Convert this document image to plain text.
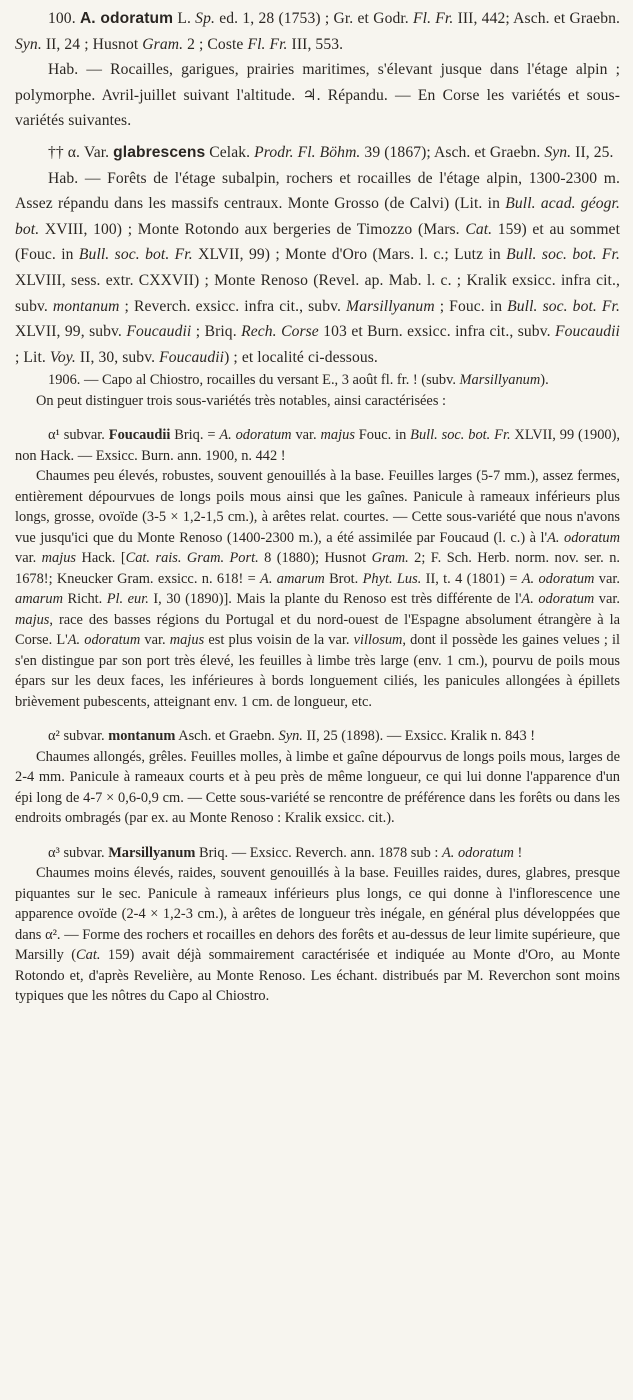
100. A. odoratum L. Sp. ed. 1, 28 (1753) ; Gr. et Godr. Fl. Fr. III, 442; Asch. et Graebn. Syn. II, 24 ; Husnot Gram. 2 ; Coste Fl. Fr. III, 553.

Hab. — Rocailles, garigues, prairies maritimes, s'élevant jusque dans l'étage alpin ; polymorphe. Avril-juillet suivant l'altitude. ♃. Répandu. — En Corse les variétés et sous-variétés suivantes.

†† α. Var. glabrescens Celak. Prodr. Fl. Böhm. 39 (1867); Asch. et Graebn. Syn. II, 25.

Hab. — Forêts de l'étage subalpin, rochers et rocailles de l'étage alpin, 1300-2300 m. Assez répandu dans les massifs centraux. Monte Grosso (de Calvi) (Lit. in Bull. acad. géogr. bot. XVIII, 100) ; Monte Rotondo aux bergeries de Timozzo (Mars. Cat. 159) et au sommet (Fouc. in Bull. soc. bot. Fr. XLVII, 99) ; Monte d'Oro (Mars. l. c.; Lutz in Bull. soc. bot. Fr. XLVIII, sess. extr. CXXVII) ; Monte Renoso (Revel. ap. Mab. l. c. ; Kralik exsicc. infra cit., subv. montanum ; Reverch. exsicc. infra cit., subv. Marsillyanum ; Fouc. in Bull. soc. bot. Fr. XLVII, 99, subv. Foucaudii ; Briq. Rech. Corse 103 et Burn. exsicc. infra cit., subv. Foucaudii ; Lit. Voy. II, 30, subv. Foucaudii) ; et localité ci-dessous.

1906. — Capo al Chiostro, rocailles du versant E., 3 août fl. fr. ! (subv. Marsillyanum).

On peut distinguer trois sous-variétés très notables, ainsi caractérisées :

α¹ subvar. Foucaudii Briq. = A. odoratum var. majus Fouc. in Bull. soc. bot. Fr. XLVII, 99 (1900), non Hack. — Exsicc. Burn. ann. 1900, n. 442 !

Chaumes peu élevés, robustes, souvent genouillés à la base. Feuilles larges (5-7 mm.), assez fermes, entièrement dépourvues de longs poils mous ainsi que les gaînes. Panicule à rameaux inférieurs plus longs, grosse, ovoïde (3-5 × 1,2-1,5 cm.), à arêtes relat. courtes. — Cette sous-variété que nous n'avons vue jusqu'ici que du Monte Renoso (1400-2300 m.), a été assimilée par Foucaud (l. c.) à l'A. odoratum var. majus Hack. [Cat. rais. Gram. Port. 8 (1880); Husnot Gram. 2; F. Sch. Herb. norm. nov. ser. n. 1678!; Kneucker Gram. exsicc. n. 618! = A. amarum Brot. Phyt. Lus. II, t. 4 (1801) = A. odoratum var. amarum Richt. Pl. eur. I, 30 (1890)]. Mais la plante du Renoso est très différente de l'A. odoratum var. majus, race des basses régions du Portugal et du nord-ouest de l'Espagne absolument étrangère à la Corse. L'A. odoratum var. majus est plus voisin de la var. villosum, dont il possède les gaines velues ; il s'en distingue par son port très élevé, les feuilles à limbe très large (env. 1 cm.), pourvu de poils mous épars sur les deux faces, les inférieures à bords longuement ciliés, les panicules allongées à épillets brièvement pubescents, atteignant env. 1 cm. de longueur, etc.

α² subvar. montanum Asch. et Graebn. Syn. II, 25 (1898). — Exsicc. Kralik n. 843 !

Chaumes allongés, grêles. Feuilles molles, à limbe et gaîne dépourvus de longs poils mous, larges de 2-4 mm. Panicule à rameaux courts et à peu près de même longueur, ce qui lui donne l'apparence d'un épi long de 4-7 × 0,6-0,9 cm. — Cette sous-variété se rencontre de préférence dans les forêts ou dans les endroits ombragés (par ex. au Monte Renoso : Kralik exsicc. cit.).

α³ subvar. Marsillyanum Briq. — Exsicc. Reverch. ann. 1878 sub : A. odoratum !

Chaumes moins élevés, raides, souvent genouillés à la base. Feuilles raides, dures, glabres, presque piquantes sur le sec. Panicule à rameaux inférieurs plus longs, ce qui donne à l'inflorescence une apparence ovoïde (2-4 × 1,2-3 cm.), à arêtes de longueur très inégale, en général plus développées que dans α². — Forme des rochers et rocailles en dehors des forêts et au-dessus de leur limite supérieure, que Marsilly (Cat. 159) avait déjà sommairement caractérisée et indiquée au Monte d'Oro, au Monte Rotondo et, d'après Revelière, au Monte Renoso. Les échant. distribués par M. Reverchon sont moins typiques que les nôtres du Capo al Chiostro.
